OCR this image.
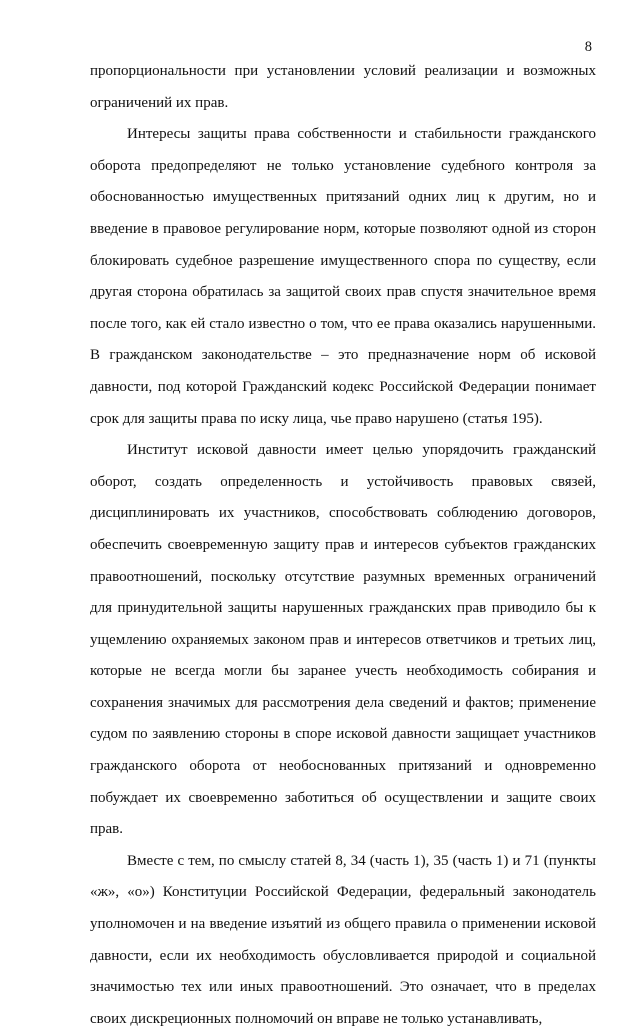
8

пропорциональности при установлении условий реализации и возможных ограничений их прав.

Интересы защиты права собственности и стабильности гражданского оборота предопределяют не только установление судебного контроля за обоснованностью имущественных притязаний одних лиц к другим, но и введение в правовое регулирование норм, которые позволяют одной из сторон блокировать судебное разрешение имущественного спора по существу, если другая сторона обратилась за защитой своих прав спустя значительное время после того, как ей стало известно о том, что ее права оказались нарушенными. В гражданском законодательстве – это предназначение норм об исковой давности, под которой Гражданский кодекс Российской Федерации понимает срок для защиты права по иску лица, чье право нарушено (статья 195).

Институт исковой давности имеет целью упорядочить гражданский оборот, создать определенность и устойчивость правовых связей, дисциплинировать их участников, способствовать соблюдению договоров, обеспечить своевременную защиту прав и интересов субъектов гражданских правоотношений, поскольку отсутствие разумных временных ограничений для принудительной защиты нарушенных гражданских прав приводило бы к ущемлению охраняемых законом прав и интересов ответчиков и третьих лиц, которые не всегда могли бы заранее учесть необходимость собирания и сохранения значимых для рассмотрения дела сведений и фактов; применение судом по заявлению стороны в споре исковой давности защищает участников гражданского оборота от необоснованных притязаний и одновременно побуждает их своевременно заботиться об осуществлении и защите своих прав.

Вместе с тем, по смыслу статей 8, 34 (часть 1), 35 (часть 1) и 71 (пункты «ж», «о») Конституции Российской Федерации, федеральный законодатель уполномочен и на введение изъятий из общего правила о применении исковой давности, если их необходимость обусловливается природой и социальной значимостью тех или иных правоотношений. Это означает, что в пределах своих дискреционных полномочий он вправе не только устанавливать,
